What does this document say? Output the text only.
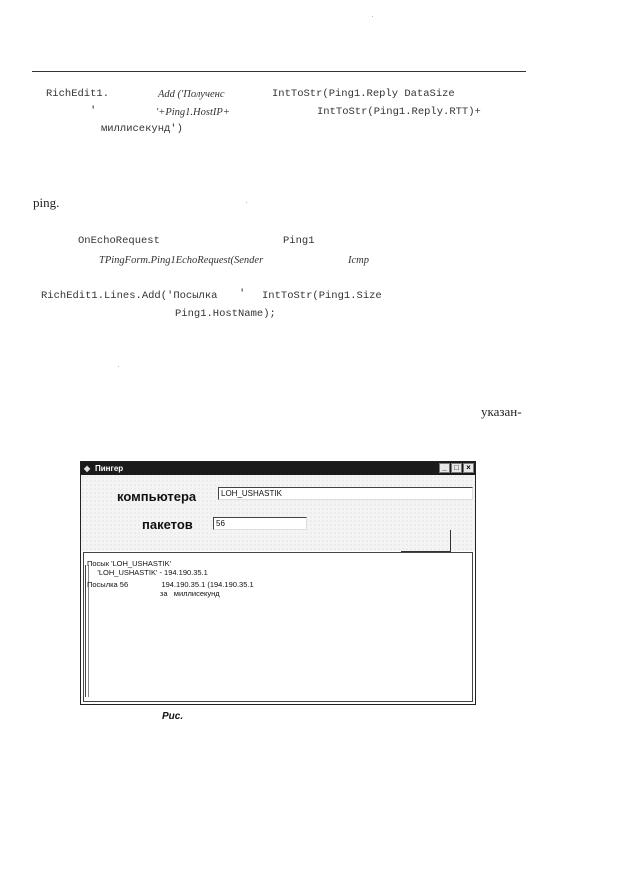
RichEdit1.	Add ('Полученс	IntToStr(Ping1.Reply DataSize
'	'+Ping1.HostIP+	IntToStr(Ping1.Reply.RTT)+
миллисекунд')
ping.
OnEchoRequest	Ping1
TPingForm.Ping1EchoRequest(Sender	Icmp
RichEdit1.Lines.Add('Посылка ' IntToStr(Ping1.Size
Ping1.HostName);
указан-
◆ Пингер	_ □ ×
компьютера	LOH_USHASTIK
пакетов	56
Посык 'LOH_USHASTIK'
'LOH_USHASTIK' - 194.190.35.1
Посылка 56                194.190.35.1 (194.190.35.1
за   миллисекунд
Рис.
